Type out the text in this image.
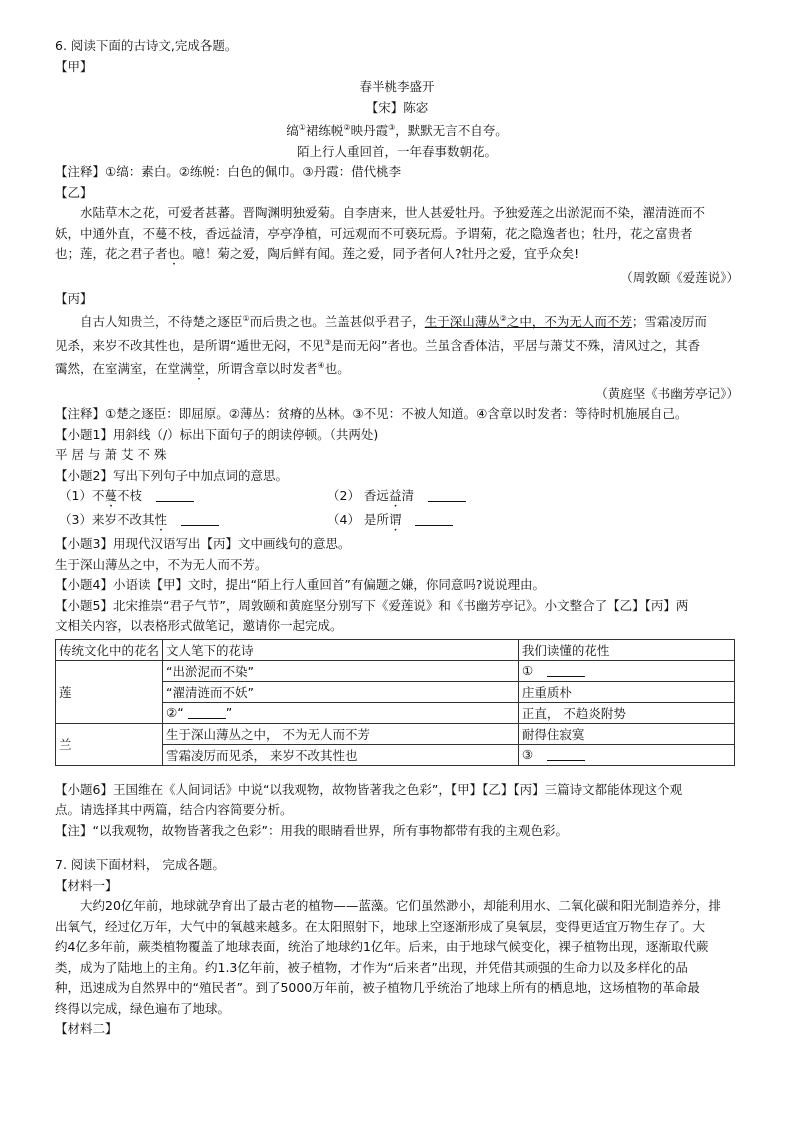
6. 阅读下面的古诗文,完成各题。
【甲】
春半桃李盛开
【宋】陈宓
缟①裙练帨②映丹霞③，默默无言不自夸。
陌上行人重回首，一年春事数朝花。
【注释】①缟：素白。②练帨：白色的佩巾。③丹霞：借代桃李
【乙】
水陆草木之花，可爱者甚蕃。晋陶渊明独爱菊。自李唐来，世人甚爱牡丹。予独爱莲之出淤泥而不染，濯清涟而不
妖，中通外直，不蔓不枝，香远益清，亭亭净植，可远观而不可亵玩焉。予谓菊，花之隐逸者也；牡丹，花之富贵者
也；莲，花之君子者也。噫！菊之爱，陶后鲜有闻。莲之爱，同予者何人?牡丹之爱，宜乎众矣!
（周敦颐《爱莲说》）
【丙】
自古人知贵兰，不待楚之逐臣①而后贵之也。兰盖甚似乎君子，生于深山薄丛②之中，不为无人而不芳；雪霜凌厉而
见杀，来岁不改其性也，是所谓“遁世无闷，不见③是而无闷”者也。兰虽含香体洁，平居与萧艾不殊，清风过之，其香
霭然，在室满室，在堂满堂，所谓含章以时发者④也。
（黄庭坚《书幽芳亭记》）
【注释】①楚之逐臣：即屈原。②薄丛：贫瘠的丛林。③不见：不被人知道。④含章以时发者：等待时机施展自己。
【小题1】用斜线（/）标出下面句子的朗读停顿。（共两处)
平居与萧艾不殊
【小题2】写出下列句子中加点词的意思。
（1）不蔓不枝	（2） 香远益清
（3）来岁不改其性	（4） 是所谓
【小题3】用现代汉语写出【丙】文中画线句的意思。
生于深山薄丛之中，不为无人而不芳。
【小题4】小语读【甲】文时，提出“陌上行人重回首”有偏题之嫌，你同意吗?说说理由。
【小题5】北宋推崇“君子气节”，周敦颐和黄庭坚分别写下《爱莲说》和《书幽芳亭记》。小文整合了【乙】【丙】两
文相关内容，以表格形式做笔记，邀请你一起完成。
传统文化中的花名	文人笔下的花诗	我们读懂的花性
莲	“出淤泥而不染”	①
	“濯清涟而不妖”	庄重质朴
	②“ ”	正直， 不趋炎附势
兰	生于深山薄丛之中， 不为无人而不芳	耐得住寂寞
	雪霜凌厉而见杀， 来岁不改其性也	③
【小题6】王国维在《人间词话》中说“以我观物，故物皆著我之色彩”，【甲】【乙】【丙】三篇诗文都能体现这个观
点。请选择其中两篇，结合内容简要分析。
【注】“以我观物，故物皆著我之色彩”：用我的眼睛看世界，所有事物都带有我的主观色彩。
7. 阅读下面材料， 完成各题。
【材料一】
大约20亿年前，地球就孕育出了最古老的植物——蓝藻。它们虽然渺小，却能利用水、二氧化碳和阳光制造养分，排
出氧气，经过亿万年，大气中的氧越来越多。在太阳照射下，地球上空逐渐形成了臭氧层，变得更适宜万物生存了。大
约4亿多年前，蕨类植物覆盖了地球表面，统治了地球约1亿年。后来，由于地球气候变化，裸子植物出现，逐渐取代蕨
类，成为了陆地上的主角。约1.3亿年前，被子植物，才作为“后来者”出现，并凭借其顽强的生命力以及多样化的品
种，迅速成为自然界中的“殖民者”。到了5000万年前，被子植物几乎统治了地球上所有的栖息地，这场植物的革命最
终得以完成，绿色遍布了地球。
【材料二】
